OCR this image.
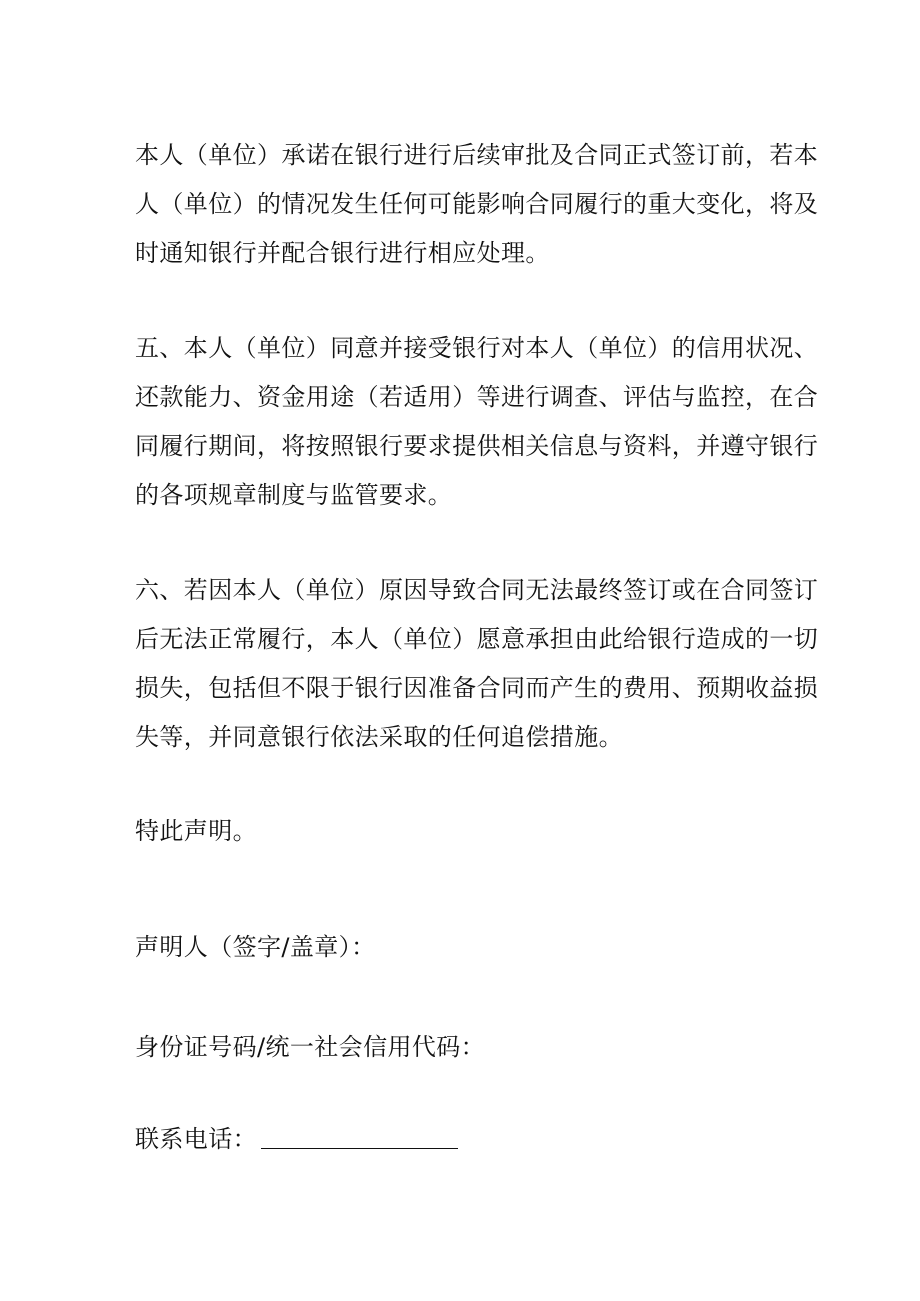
本人（单位）承诺在银行进行后续审批及合同正式签订前，若本
人（单位）的情况发生任何可能影响合同履行的重大变化，将及
时通知银行并配合银行进行相应处理。
五、本人（单位）同意并接受银行对本人（单位）的信用状况、
还款能力、资金用途（若适用）等进行调查、评估与监控，在合
同履行期间，将按照银行要求提供相关信息与资料，并遵守银行
的各项规章制度与监管要求。
六、若因本人（单位）原因导致合同无法最终签订或在合同签订
后无法正常履行，本人（单位）愿意承担由此给银行造成的一切
损失，包括但不限于银行因准备合同而产生的费用、预期收益损
失等，并同意银行依法采取的任何追偿措施。
特此声明。
声明人（签字/盖章）：
身份证号码/统一社会信用代码：
联系电话：
